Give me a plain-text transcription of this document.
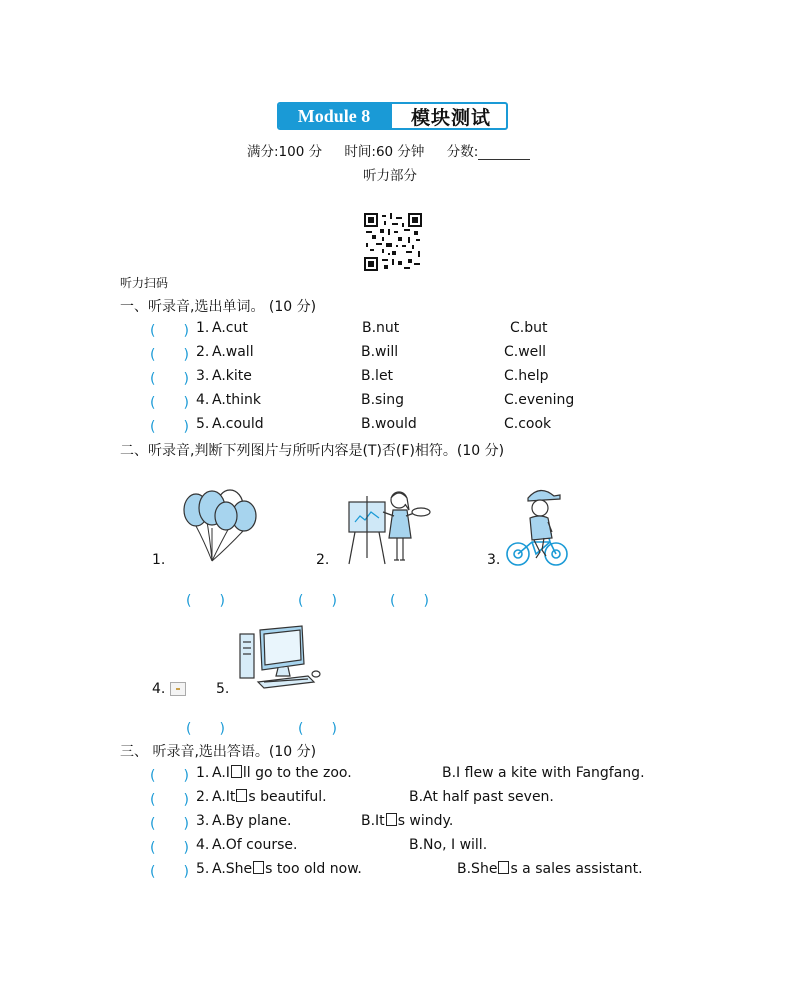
Module 8	模块测试
满分:100 分 时间:60 分钟 分数:
听力部分
听力扫码
一、听录音,选出单词。 (10 分)
(　　) 1. A.cut	B.nut	C.but
(　　) 2. A.wall	B.will	C.well
(　　) 3. A.kite	B.let	C.help
(　　) 4. A.think	B.sing	C.evening
(　　) 5. A.could	B.would	C.cook
二、听录音,判断下列图片与所听内容是(T)否(F)相符。(10 分)
1.	2.	3.
4.	5.
(　　)	(　　)	(　　)
(　　)	(　　)
三、 听录音,选出答语。(10 分)
(　　) 1. A.I ll go to the zoo.	B.I flew a kite with Fangfang.
(　　) 2. A.It s beautiful.	B.At half past seven.
(　　) 3. A.By plane.	B.It s windy.
(　　) 4. A.Of course.	B.No, I will.
(　　) 5. A.She s too old now.	B.She s a sales assistant.
